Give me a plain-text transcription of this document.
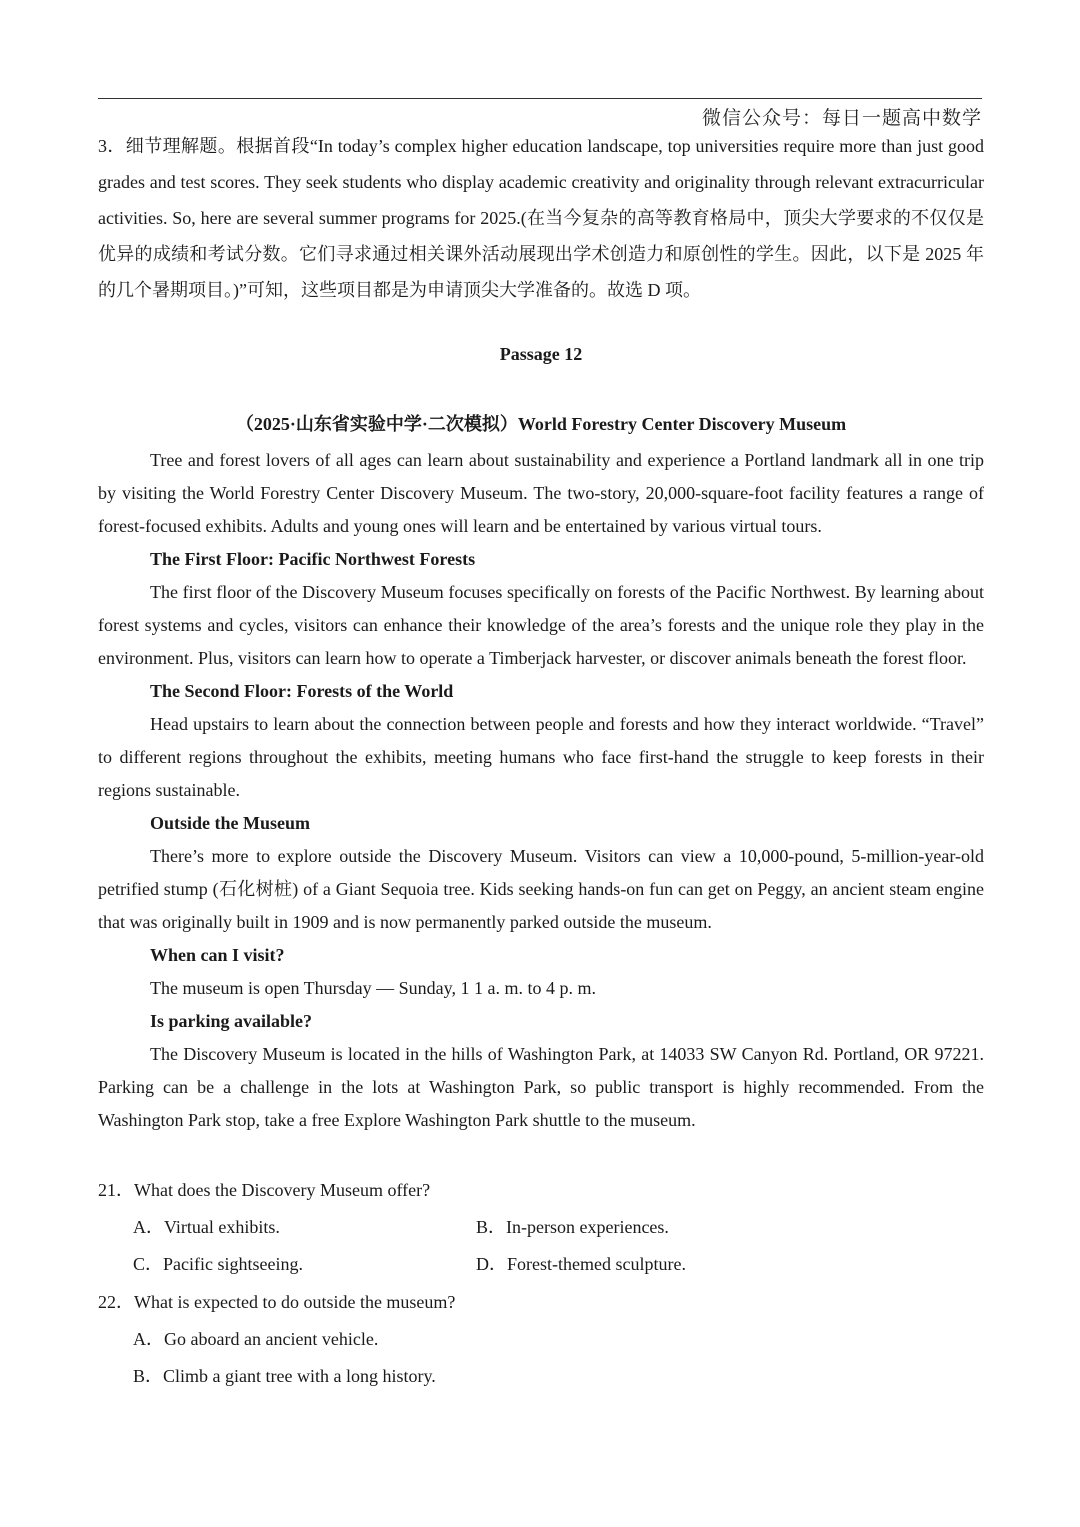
微信公众号：每日一题高中数学
3．细节理解题。根据首段“In today’s complex higher education landscape, top universities require more than just good grades and test scores. They seek students who display academic creativity and originality through relevant extracurricular activities. So, here are several summer programs for 2025.(在当今复杂的高等教育格局中，顶尖大学要求的不仅仅是优异的成绩和考试分数。它们寻求通过相关课外活动展现出学术创造力和原创性的学生。因此，以下是 2025 年的几个暑期项目。)”可知，这些项目都是为申请顶尖大学准备的。故选 D 项。
Passage 12
（2025·山东省实验中学·二次模拟）World Forestry Center Discovery Museum

Tree and forest lovers of all ages can learn about sustainability and experience a Portland landmark all in one trip by visiting the World Forestry Center Discovery Museum. The two-story, 20,000-square-foot facility features a range of forest-focused exhibits. Adults and young ones will learn and be entertained by various virtual tours.

The First Floor: Pacific Northwest Forests

The first floor of the Discovery Museum focuses specifically on forests of the Pacific Northwest. By learning about forest systems and cycles, visitors can enhance their knowledge of the area’s forests and the unique role they play in the environment. Plus, visitors can learn how to operate a Timberjack harvester, or discover animals beneath the forest floor.

The Second Floor: Forests of the World

Head upstairs to learn about the connection between people and forests and how they interact worldwide. “Travel” to different regions throughout the exhibits, meeting humans who face first-hand the struggle to keep forests in their regions sustainable.

Outside the Museum

There’s more to explore outside the Discovery Museum. Visitors can view a 10,000-pound, 5-million-year-old petrified stump (石化树桩) of a Giant Sequoia tree. Kids seeking hands-on fun can get on Peggy, an ancient steam engine that was originally built in 1909 and is now permanently parked outside the museum.

When can I visit?

The museum is open Thursday — Sunday, 1 1 a. m. to 4 p. m.

Is parking available?

The Discovery Museum is located in the hills of Washington Park, at 14033 SW Canyon Rd. Portland, OR 97221. Parking can be a challenge in the lots at Washington Park, so public transport is highly recommended. From the Washington Park stop, take a free Explore Washington Park shuttle to the museum.

21．What does the Discovery Museum offer?
A．Virtual exhibits.	B．In-person experiences.
C．Pacific sightseeing.	D．Forest-themed sculpture.
22．What is expected to do outside the museum?
A．Go aboard an ancient vehicle.
B．Climb a giant tree with a long history.
